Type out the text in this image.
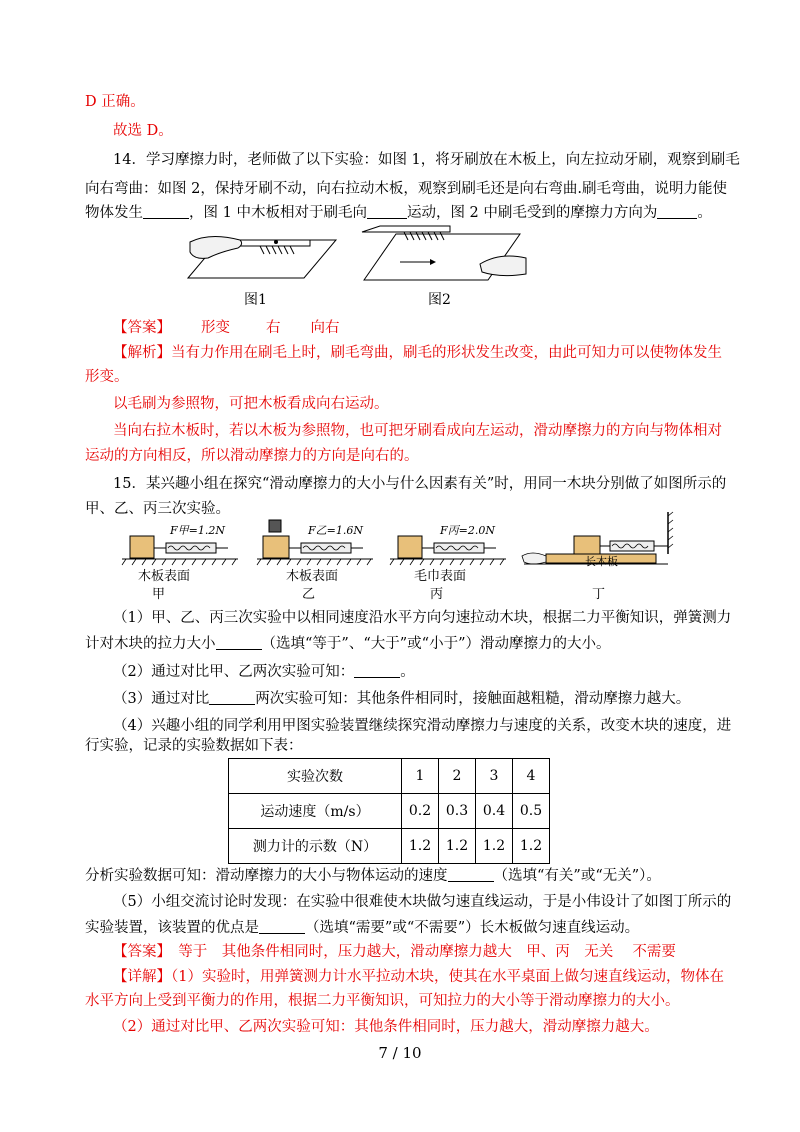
D 正确。
故选 D。
14．学习摩擦力时，老师做了以下实验：如图 1，将牙刷放在木板上，向左拉动牙刷，观察到刷毛
向右弯曲：如图 2，保持牙刷不动，向右拉动木板，观察到刷毛还是向右弯曲.刷毛弯曲，说明力能使
物体发生	，图 1 中木板相对于刷毛向	运动，图 2 中刷毛受到的摩擦力方向为	。
图1	图2
【答案】 形变 右 向右
【解析】当有力作用在刷毛上时，刷毛弯曲，刷毛的形状发生改变，由此可知力可以使物体发生
形变。
以毛刷为参照物，可把木板看成向右运动。
当向右拉木板时，若以木板为参照物，也可把牙刷看成向左运动，滑动摩擦力的方向与物体相对
运动的方向相反，所以滑动摩擦力的方向是向右的。
15．某兴趣小组在探究“滑动摩擦力的大小与什么因素有关”时，用同一木块分别做了如图所示的
甲、乙、丙三次实验。
F甲=1.2N
木板表面
甲
F乙=1.6N
木板表面
乙
F丙=2.0N
毛巾表面
丙
长木板
丁
（1）甲、乙、丙三次实验中以相同速度沿水平方向匀速拉动木块，根据二力平衡知识，弹簧测力
计对木块的拉力大小	（选填“等于”、“大于”或“小于”）滑动摩擦力的大小。
（2）通过对比甲、乙两次实验可知：	。
（3）通过对比	两次实验可知：其他条件相同时，接触面越粗糙，滑动摩擦力越大。
（4）兴趣小组的同学利用甲图实验装置继续探究滑动摩擦力与速度的关系，改变木块的速度，进
行实验，记录的实验数据如下表：
实验次数	1	2	3	4
运动速度（m/s）	0.2	0.3	0.4	0.5
测力计的示数（N）	1.2	1.2	1.2	1.2
分析实验数据可知：滑动摩擦力的大小与物体运动的速度	（选填“有关”或“无关”）。
（5）小组交流讨论时发现：在实验中很难使木块做匀速直线运动，于是小伟设计了如图丁所示的
实验装置，该装置的优点是	（选填“需要”或“不需要”）长木板做匀速直线运动。
【答案】　 等于　其他条件相同时，压力越大，滑动摩擦力越大　甲、丙　无关　 不需要
【详解】（1）实验时，用弹簧测力计水平拉动木块，使其在水平桌面上做匀速直线运动，物体在
水平方向上受到平衡力的作用，根据二力平衡知识，可知拉力的大小等于滑动摩擦力的大小。
（2）通过对比甲、乙两次实验可知：其他条件相同时，压力越大，滑动摩擦力越大。
7 / 10
